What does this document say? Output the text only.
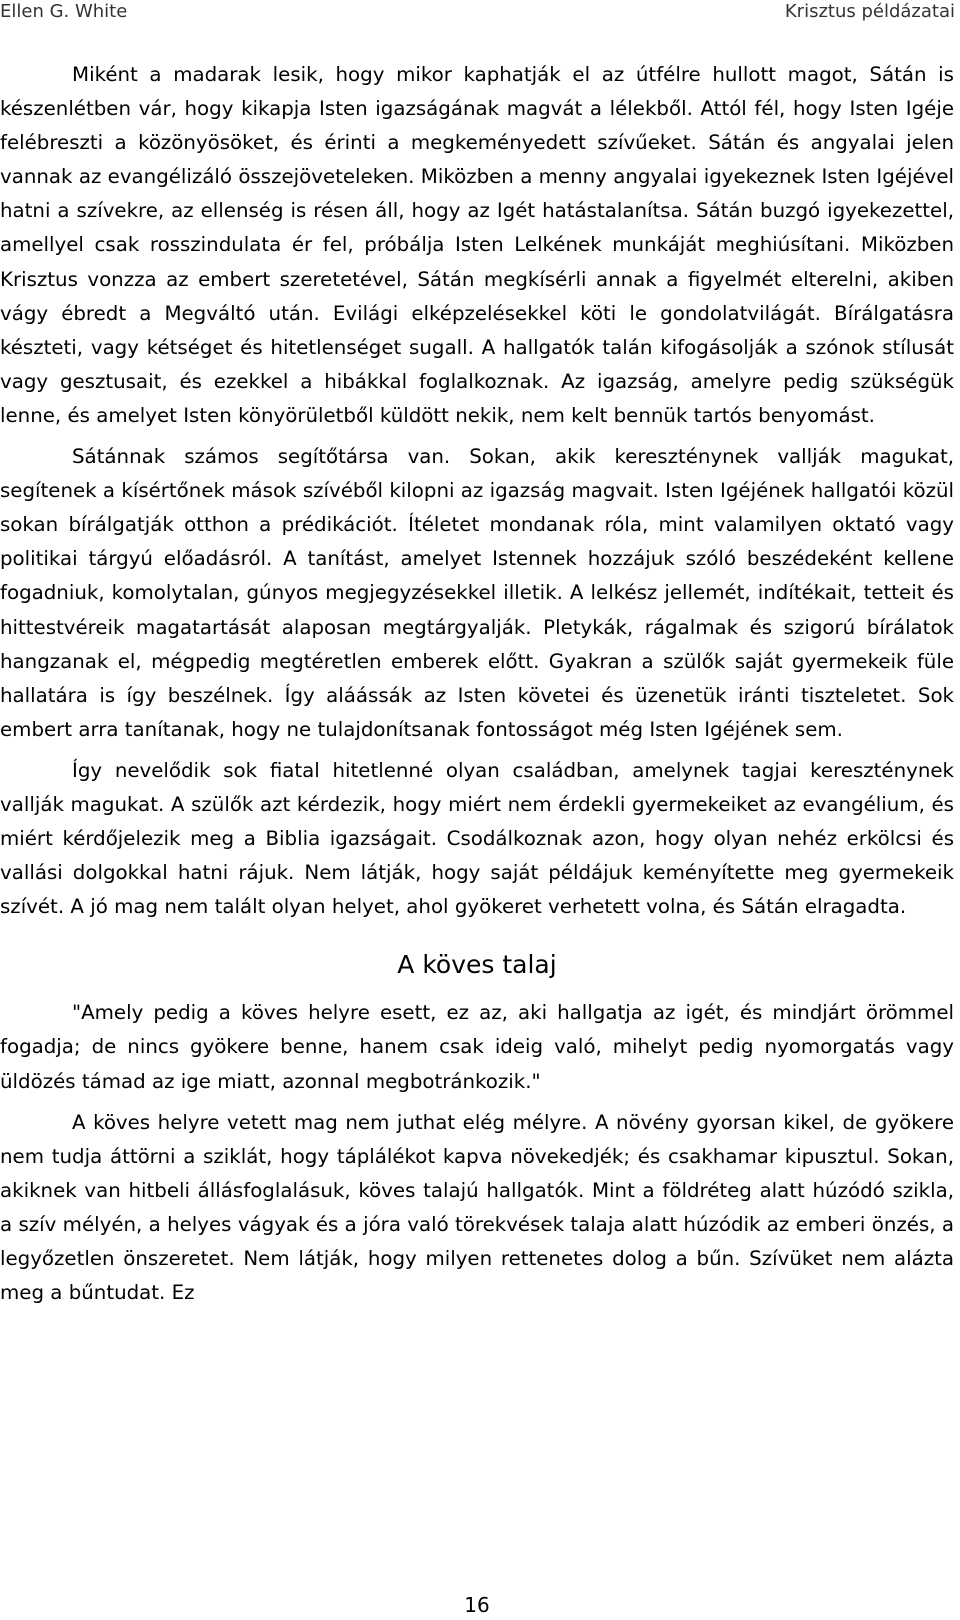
Ellen G. White	Krisztus példázatai

Miként a madarak lesik, hogy mikor kaphatják el az útfélre hullott magot, Sátán is készenlétben vár, hogy kikapja Isten igazságának magvát a lélekből. Attól fél, hogy Isten Igéje felébreszti a közönyösöket, és érinti a megkeményedett szívűeket. Sátán és angyalai jelen vannak az evangélizáló összejöveteleken. Miközben a menny angyalai igyekeznek Isten Igéjével hatni a szívekre, az ellenség is résen áll, hogy az Igét hatástalanítsa. Sátán buzgó igyekezettel, amellyel csak rosszindulata ér fel, próbálja Isten Lelkének munkáját meghiúsítani. Miközben Krisztus vonzza az embert szeretetével, Sátán megkísérli annak a figyelmét elterelni, akiben vágy ébredt a Megváltó után. Evilági elképzelésekkel köti le gondolatvilágát. Bírálgatásra készteti, vagy kétséget és hitetlenséget sugall. A hallgatók talán kifogásolják a szónok stílusát vagy gesztusait, és ezekkel a hibákkal foglalkoznak. Az igazság, amelyre pedig szükségük lenne, és amelyet Isten könyörületből küldött nekik, nem kelt bennük tartós benyomást.

Sátánnak számos segítőtársa van. Sokan, akik kereszténynek vallják magukat, segítenek a kísértőnek mások szívéből kilopni az igazság magvait. Isten Igéjének hallgatói közül sokan bírálgatják otthon a prédikációt. Ítéletet mondanak róla, mint valamilyen oktató vagy politikai tárgyú előadásról. A tanítást, amelyet Istennek hozzájuk szóló beszédeként kellene fogadniuk, komolytalan, gúnyos megjegyzésekkel illetik. A lelkész jellemét, indítékait, tetteit és hittestvéreik magatartását alaposan megtárgyalják. Pletykák, rágalmak és szigorú bírálatok hangzanak el, mégpedig megtéretlen emberek előtt. Gyakran a szülők saját gyermekeik füle hallatára is így beszélnek. Így aláássák az Isten követei és üzenetük iránti tiszteletet. Sok embert arra tanítanak, hogy ne tulajdonítsanak fontosságot még Isten Igéjének sem.

Így nevelődik sok fiatal hitetlenné olyan családban, amelynek tagjai kereszténynek vallják magukat. A szülők azt kérdezik, hogy miért nem érdekli gyermekeiket az evangélium, és miért kérdőjelezik meg a Biblia igazságait. Csodálkoznak azon, hogy olyan nehéz erkölcsi és vallási dolgokkal hatni rájuk. Nem látják, hogy saját példájuk keményítette meg gyermekeik szívét. A jó mag nem talált olyan helyet, ahol gyökeret verhetett volna, és Sátán elragadta.

A köves talaj

"Amely pedig a köves helyre esett, ez az, aki hallgatja az igét, és mindjárt örömmel fogadja; de nincs gyökere benne, hanem csak ideig való, mihelyt pedig nyomorgatás vagy üldözés támad az ige miatt, azonnal megbotránkozik."

A köves helyre vetett mag nem juthat elég mélyre. A növény gyorsan kikel, de gyökere nem tudja áttörni a sziklát, hogy táplálékot kapva növekedjék; és csakhamar kipusztul. Sokan, akiknek van hitbeli állásfoglalásuk, köves talajú hallgatók. Mint a földréteg alatt húzódó szikla, a szív mélyén, a helyes vágyak és a jóra való törekvések talaja alatt húzódik az emberi önzés, a legyőzetlen önszeretet. Nem látják, hogy milyen rettenetes dolog a bűn. Szívüket nem alázta meg a bűntudat. Ez

16
